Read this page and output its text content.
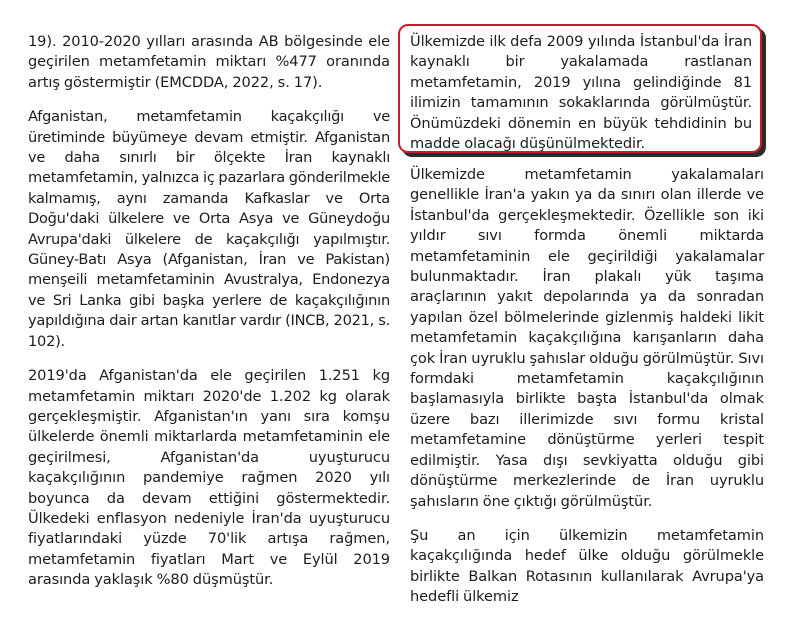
19). 2010-2020 yılları arasında AB bölgesinde ele geçirilen metamfetamin miktarı %477 oranında artış göstermiştir (EMCDDA, 2022, s. 17).

Afganistan, metamfetamin kaçakçılığı ve üretiminde büyümeye devam etmiştir. Afganistan ve daha sınırlı bir ölçekte İran kaynaklı metamfetamin, yalnızca iç pazarlara gönderilmekle kalmamış, aynı zamanda Kafkaslar ve Orta Doğu'daki ülkelere ve Orta Asya ve Güneydoğu Avrupa'daki ülkelere de kaçakçılığı yapılmıştır. Güney-Batı Asya (Afganistan, İran ve Pakistan) menşeili metamfetaminin Avustralya, Endonezya ve Sri Lanka gibi başka yerlere de kaçakçılığının yapıldığına dair artan kanıtlar vardır (INCB, 2021, s. 102).

2019'da Afganistan'da ele geçirilen 1.251 kg metamfetamin miktarı 2020'de 1.202 kg olarak gerçekleşmiştir. Afganistan'ın yanı sıra komşu ülkelerde önemli miktarlarda metamfetaminin ele geçirilmesi, Afganistan'da uyuşturucu kaçakçılığının pandemiye rağmen 2020 yılı boyunca da devam ettiğini göstermektedir. Ülkedeki enflasyon nedeniyle İran'da uyuşturucu fiyatlarındaki yüzde 70'lik artışa rağmen, metamfetamin fiyatları Mart ve Eylül 2019 arasında yaklaşık %80 düşmüştür.

Ülkemizde ilk defa 2009 yılında İstanbul'da İran kaynaklı bir yakalamada rastlanan metamfetamin, 2019 yılına gelindiğinde 81 ilimizin tamamının sokaklarında görülmüştür. Önümüzdeki dönemin en büyük tehdidinin bu madde olacağı düşünülmektedir.

Ülkemizde metamfetamin yakalamaları genellikle İran'a yakın ya da sınırı olan illerde ve İstanbul'da gerçekleşmektedir. Özellikle son iki yıldır sıvı formda önemli miktarda metamfetaminin ele geçirildiği yakalamalar bulunmaktadır. İran plakalı yük taşıma araçlarının yakıt depolarında ya da sonradan yapılan özel bölmelerinde gizlenmiş haldeki likit metamfetamin kaçakçılığına karışanların daha çok İran uyruklu şahıslar olduğu görülmüştür. Sıvı formdaki metamfetamin kaçakçılığının başlamasıyla birlikte başta İstanbul'da olmak üzere bazı illerimizde sıvı formu kristal metamfetamine dönüştürme yerleri tespit edilmiştir. Yasa dışı sevkiyatta olduğu gibi dönüştürme merkezlerinde de İran uyruklu şahısların öne çıktığı görülmüştür.

Şu an için ülkemizin metamfetamin kaçakçılığında hedef ülke olduğu görülmekle birlikte Balkan Rotasının kullanılarak Avrupa'ya hedefli ülkemiz
